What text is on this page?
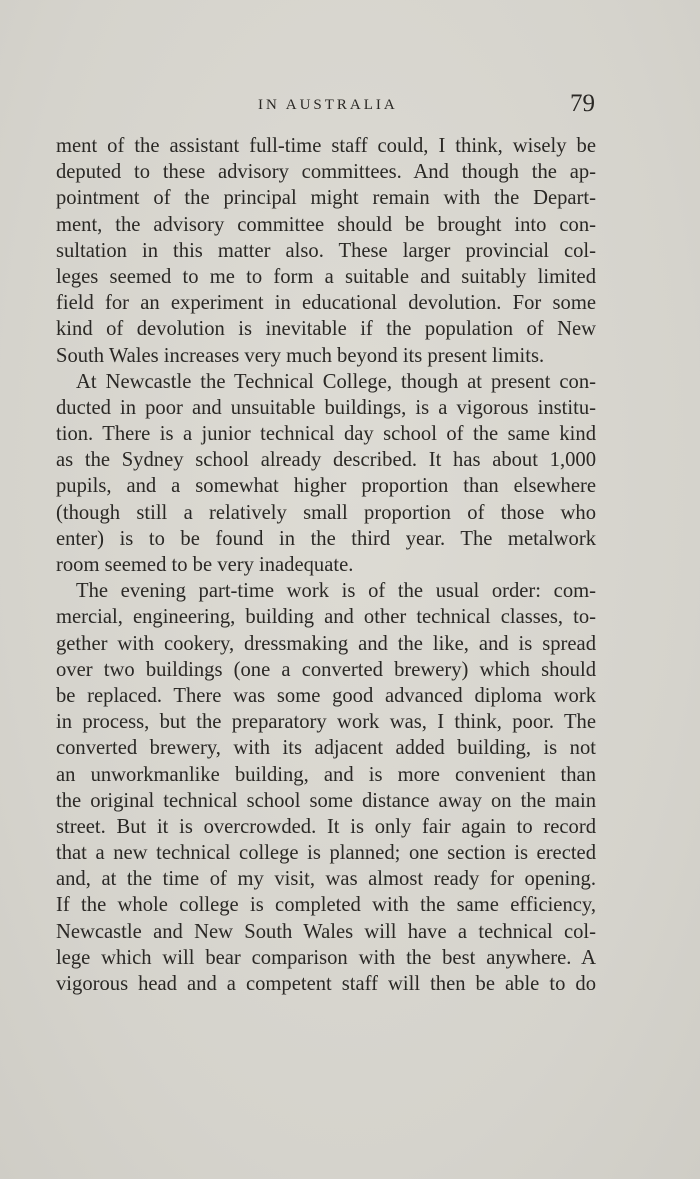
IN AUSTRALIA	79
ment of the assistant full-time staff could, I think, wisely be
deputed to these advisory committees. And though the ap-
pointment of the principal might remain with the Depart-
ment, the advisory committee should be brought into con-
sultation in this matter also. These larger provincial col-
leges seemed to me to form a suitable and suitably limited
field for an experiment in educational devolution. For some
kind of devolution is inevitable if the population of New
South Wales increases very much beyond its present limits.
At Newcastle the Technical College, though at present con-
ducted in poor and unsuitable buildings, is a vigorous institu-
tion. There is a junior technical day school of the same kind
as the Sydney school already described. It has about 1,000
pupils, and a somewhat higher proportion than elsewhere
(though still a relatively small proportion of those who
enter) is to be found in the third year. The metalwork
room seemed to be very inadequate.
The evening part-time work is of the usual order: com-
mercial, engineering, building and other technical classes, to-
gether with cookery, dressmaking and the like, and is spread
over two buildings (one a converted brewery) which should
be replaced. There was some good advanced diploma work
in process, but the preparatory work was, I think, poor. The
converted brewery, with its adjacent added building, is not
an unworkmanlike building, and is more convenient than
the original technical school some distance away on the main
street. But it is overcrowded. It is only fair again to record
that a new technical college is planned; one section is erected
and, at the time of my visit, was almost ready for opening.
If the whole college is completed with the same efficiency,
Newcastle and New South Wales will have a technical col-
lege which will bear comparison with the best anywhere. A
vigorous head and a competent staff will then be able to do
